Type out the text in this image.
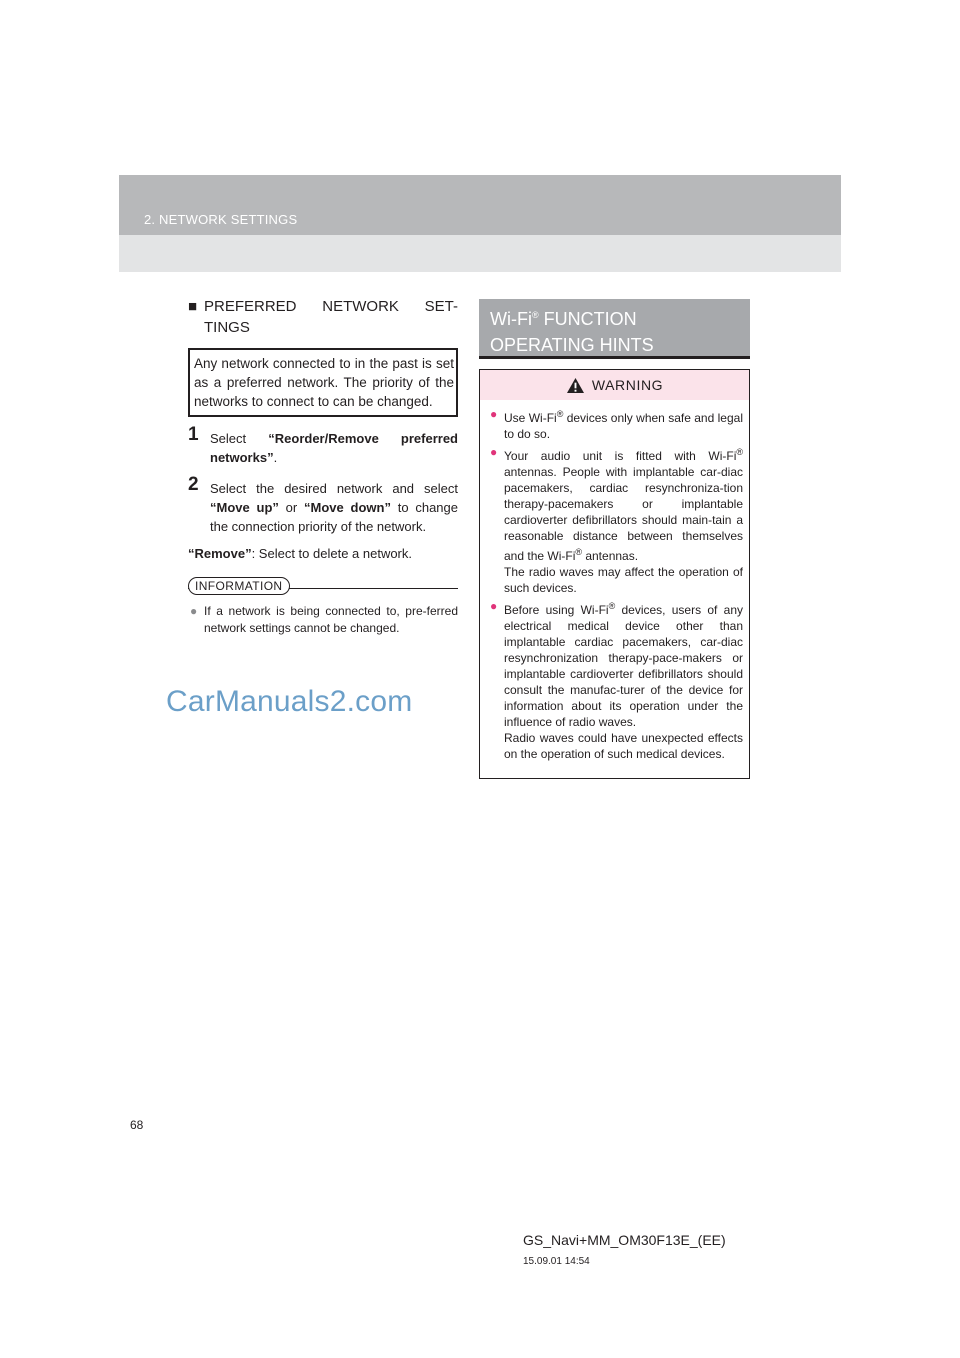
2. NETWORK SETTINGS
■ PREFERRED NETWORK SET-TINGS
Any network connected to in the past is set as a preferred network. The priority of the networks to connect to can be changed.
1 Select “Reorder/Remove preferred networks”.
2 Select the desired network and select “Move up” or “Move down” to change the connection priority of the network.
“Remove”: Select to delete a network.
INFORMATION
● If a network is being connected to, pre-ferred network settings cannot be changed.
CarManuals2.com
Wi-Fi® FUNCTION OPERATING HINTS
WARNING
● Use Wi-Fi® devices only when safe and legal to do so.
● Your audio unit is fitted with Wi-Fi® antennas. People with implantable car-diac pacemakers, cardiac resynchroniza-tion therapy-pacemakers or implantable cardioverter defibrillators should main-tain a reasonable distance between themselves and the Wi-Fi® antennas.
The radio waves may affect the operation of such devices.
● Before using Wi-Fi® devices, users of any electrical medical device other than implantable cardiac pacemakers, car-diac resynchronization therapy-pace-makers or implantable cardioverter defibrillators should consult the manufac-turer of the device for information about its operation under the influence of radio waves.
Radio waves could have unexpected effects on the operation of such medical devices.
68
GS_Navi+MM_OM30F13E_(EE)
15.09.01 14:54
